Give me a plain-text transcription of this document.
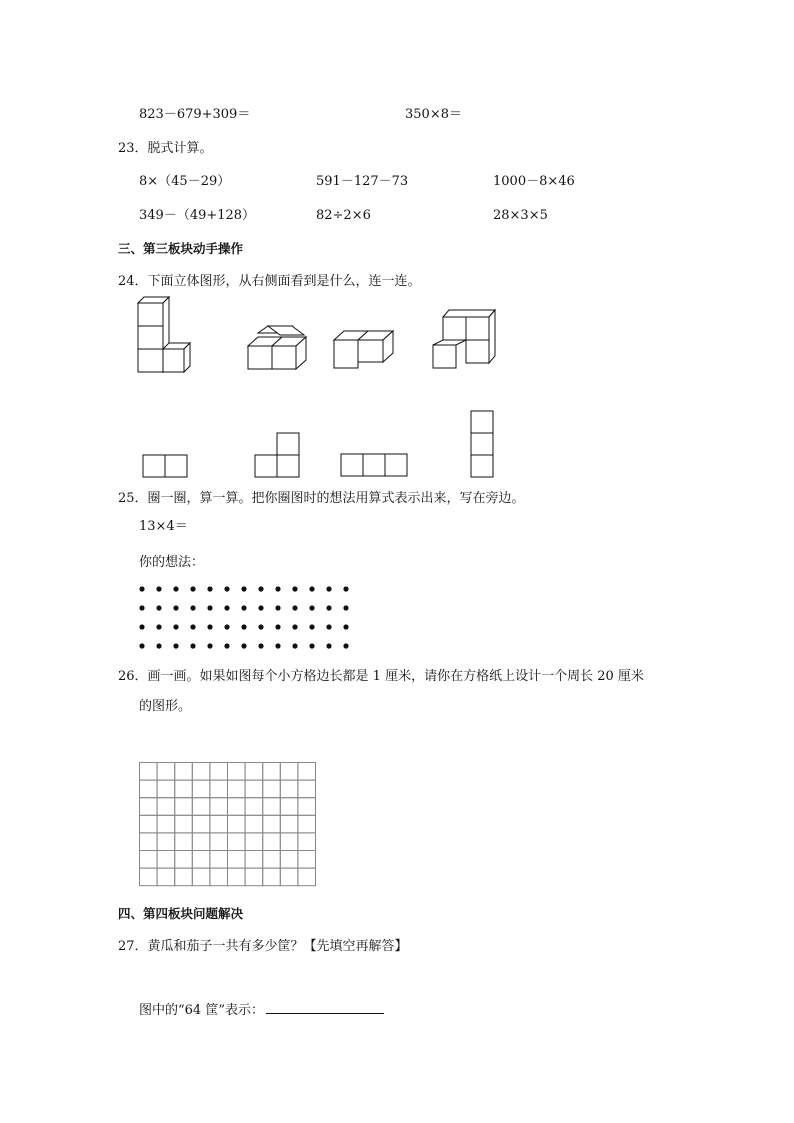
823－679+309＝	350×8＝
23．脱式计算。
8×（45－29）	591－127－73	1000－8×46
349－（49+128）	82÷2×6	28×3×5
三、第三板块动手操作
24．下面立体图形，从右侧面看到是什么，连一连。
25．圈一圈，算一算。把你圈图时的想法用算式表示出来，写在旁边。
13×4＝
你的想法：
26．画一画。如果如图每个小方格边长都是 1 厘米，请你在方格纸上设计一个周长 20 厘米
的图形。
四、第四板块问题解决
27．黄瓜和茄子一共有多少筐？【先填空再解答】
图中的“64 筐”表示：
